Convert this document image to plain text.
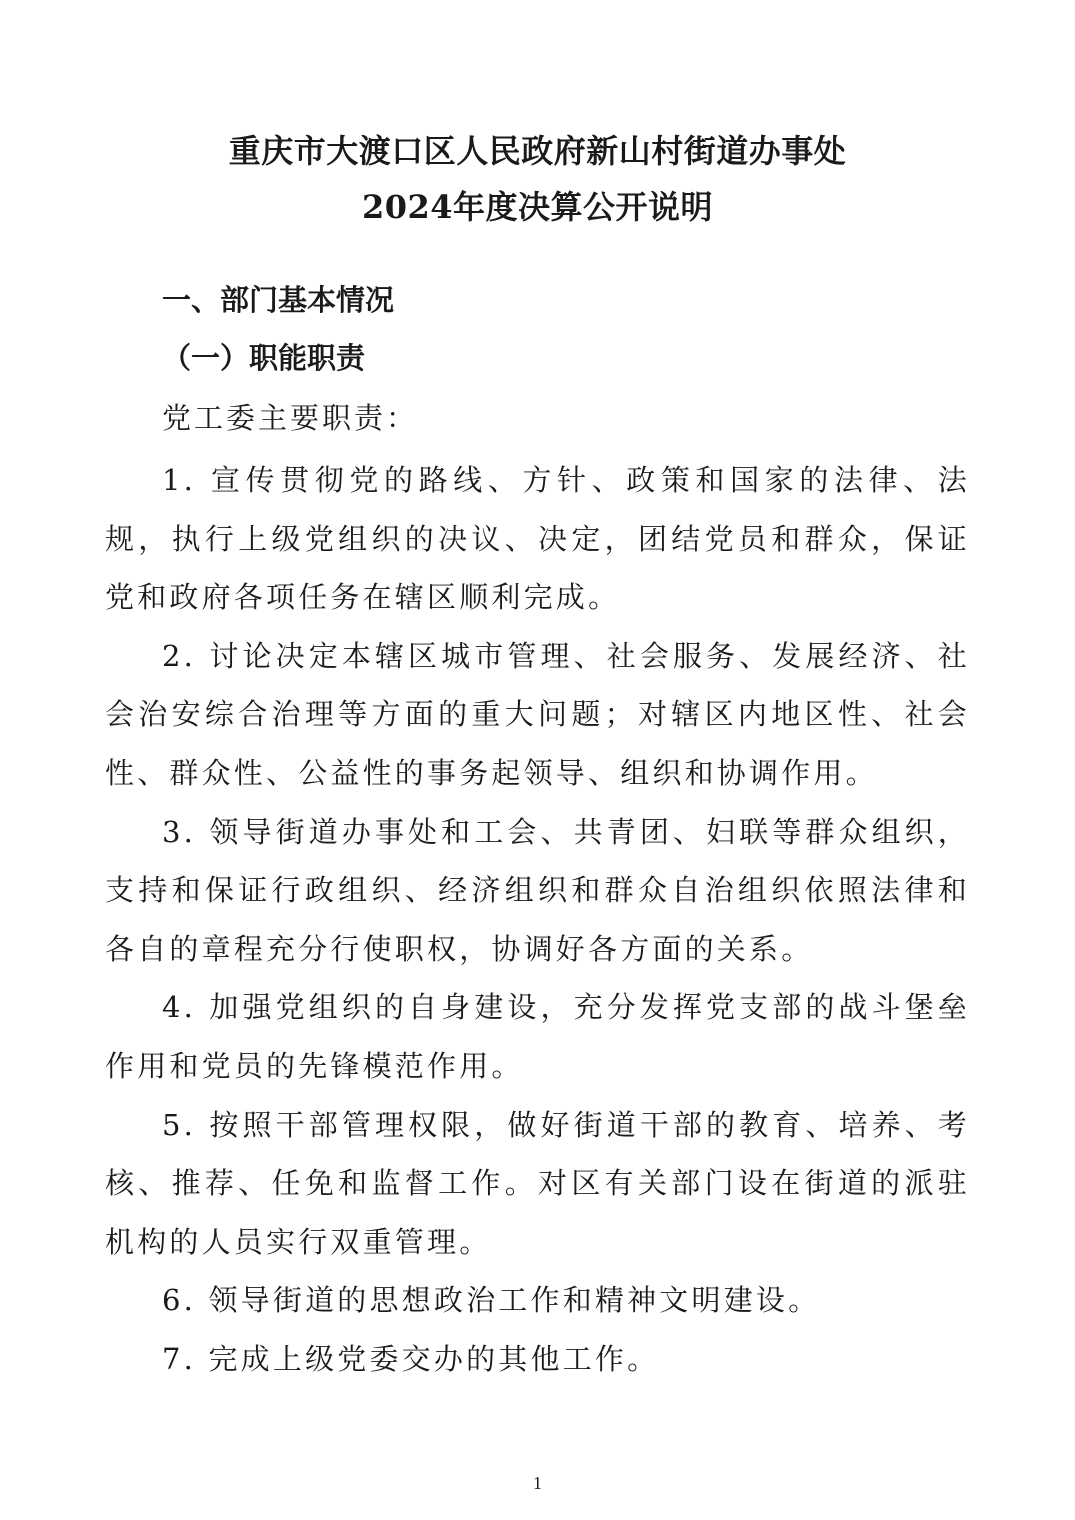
重庆市大渡口区人民政府新山村街道办事处
2024年度决算公开说明
一、部门基本情况
（一）职能职责
党工委主要职责：

1. 宣传贯彻党的路线、方针、政策和国家的法律、法规，执行上级党组织的决议、决定，团结党员和群众，保证党和政府各项任务在辖区顺利完成。

2. 讨论决定本辖区城市管理、社会服务、发展经济、社会治安综合治理等方面的重大问题；对辖区内地区性、社会性、群众性、公益性的事务起领导、组织和协调作用。

3. 领导街道办事处和工会、共青团、妇联等群众组织，支持和保证行政组织、经济组织和群众自治组织依照法律和各自的章程充分行使职权，协调好各方面的关系。

4. 加强党组织的自身建设，充分发挥党支部的战斗堡垒作用和党员的先锋模范作用。

5. 按照干部管理权限，做好街道干部的教育、培养、考核、推荐、任免和监督工作。对区有关部门设在街道的派驻机构的人员实行双重管理。

6. 领导街道的思想政治工作和精神文明建设。

7. 完成上级党委交办的其他工作。

1
